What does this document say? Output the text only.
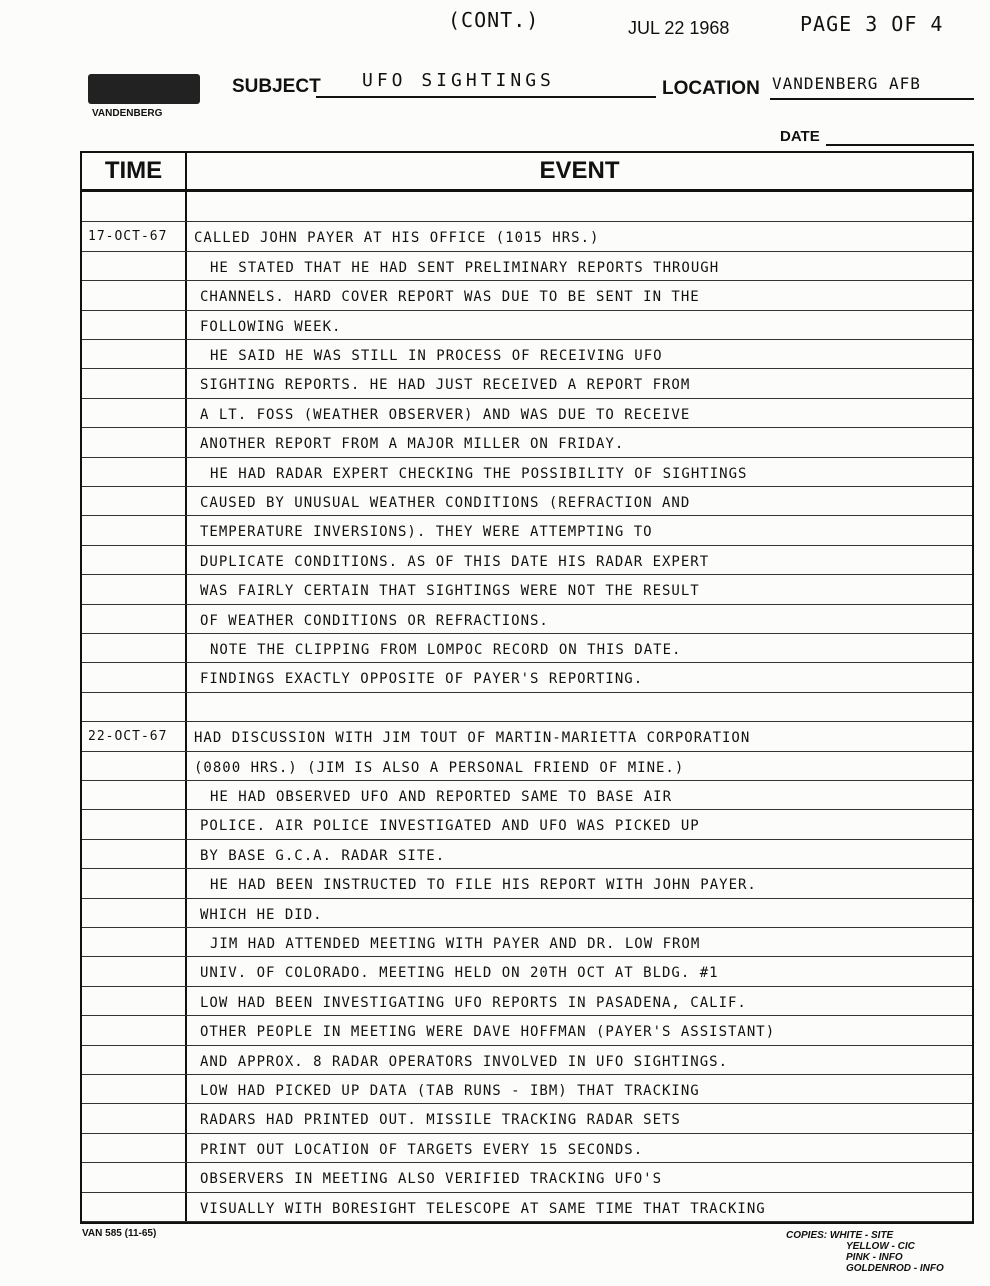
(CONT.)	JUL 22 1968	PAGE 3 OF 4
VANDENBERG
SUBJECT UFO SIGHTINGS	LOCATION VANDENBERG AFB
DATE
TIME	EVENT
17-OCT-67 CALLED JOHN PAYER AT HIS OFFICE (1015 HRS.)
HE STATED THAT HE HAD SENT PRELIMINARY REPORTS THROUGH
CHANNELS. HARD COVER REPORT WAS DUE TO BE SENT IN THE
FOLLOWING WEEK.
HE SAID HE WAS STILL IN PROCESS OF RECEIVING UFO
SIGHTING REPORTS. HE HAD JUST RECEIVED A REPORT FROM
A LT. FOSS (WEATHER OBSERVER) AND WAS DUE TO RECEIVE
ANOTHER REPORT FROM A MAJOR MILLER ON FRIDAY.
HE HAD RADAR EXPERT CHECKING THE POSSIBILITY OF SIGHTINGS
CAUSED BY UNUSUAL WEATHER CONDITIONS (REFRACTION AND
TEMPERATURE INVERSIONS). THEY WERE ATTEMPTING TO
DUPLICATE CONDITIONS. AS OF THIS DATE HIS RADAR EXPERT
WAS FAIRLY CERTAIN THAT SIGHTINGS WERE NOT THE RESULT
OF WEATHER CONDITIONS OR REFRACTIONS.
NOTE THE CLIPPING FROM LOMPOC RECORD ON THIS DATE.
FINDINGS EXACTLY OPPOSITE OF PAYER'S REPORTING.
22-OCT-67 HAD DISCUSSION WITH JIM TOUT OF MARTIN-MARIETTA CORPORATION
(0800 HRS.) (JIM IS ALSO A PERSONAL FRIEND OF MINE.)
HE HAD OBSERVED UFO AND REPORTED SAME TO BASE AIR
POLICE. AIR POLICE INVESTIGATED AND UFO WAS PICKED UP
BY BASE G.C.A. RADAR SITE.
HE HAD BEEN INSTRUCTED TO FILE HIS REPORT WITH JOHN PAYER.
WHICH HE DID.
JIM HAD ATTENDED MEETING WITH PAYER AND DR. LOW FROM
UNIV. OF COLORADO. MEETING HELD ON 20TH OCT AT BLDG. #1
LOW HAD BEEN INVESTIGATING UFO REPORTS IN PASADENA, CALIF.
OTHER PEOPLE IN MEETING WERE DAVE HOFFMAN (PAYER'S ASSISTANT)
AND APPROX. 8 RADAR OPERATORS INVOLVED IN UFO SIGHTINGS.
LOW HAD PICKED UP DATA (TAB RUNS - IBM) THAT TRACKING
RADARS HAD PRINTED OUT. MISSILE TRACKING RADAR SETS
PRINT OUT LOCATION OF TARGETS EVERY 15 SECONDS.
OBSERVERS IN MEETING ALSO VERIFIED TRACKING UFO'S
VISUALLY WITH BORESIGHT TELESCOPE AT SAME TIME THAT TRACKING
VAN 585 (11-65)	COPIES: WHITE - SITE
YELLOW - CIC
PINK - INFO
GOLDENROD - INFO
